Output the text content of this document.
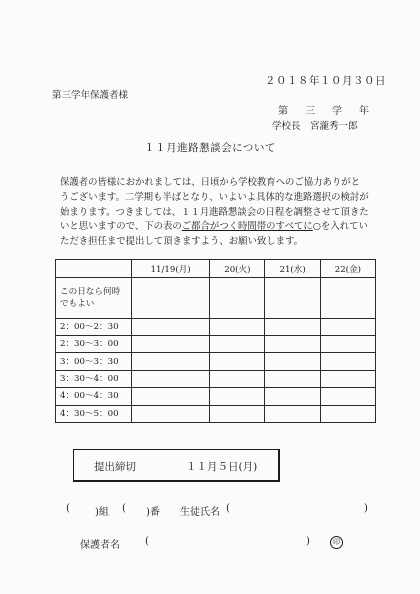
２０１８年１０月３０日
第三学年保護者様
第三学年
学校長　宮瀧秀一郎
１１月進路懇談会について

保護者の皆様におかれましては、日頃から学校教育へのご協力ありがと

うございます。二学期も半ばとなり、いよいよ具体的な進路選択の検討が

始まります。つきましては、１１月進路懇談会の日程を調整させて頂きた

いと思いますので、下の表のご都合がつく時間帯のすべてに○を入れてい

ただき担任まで提出して頂きますよう、お願い致します。

	11/19(月)	20(火)	21(水)	22(金)
この日なら何時
でもよい				
2：00〜2：30				
2：30〜3：00				
3：00〜3：30				
3：30〜4：00				
4：00〜4：30				
4：30〜5：00				
提出締切	１１月５日(月)
(	)組 ( )番 生徒氏名 (	)
保護者名	(	)	印
